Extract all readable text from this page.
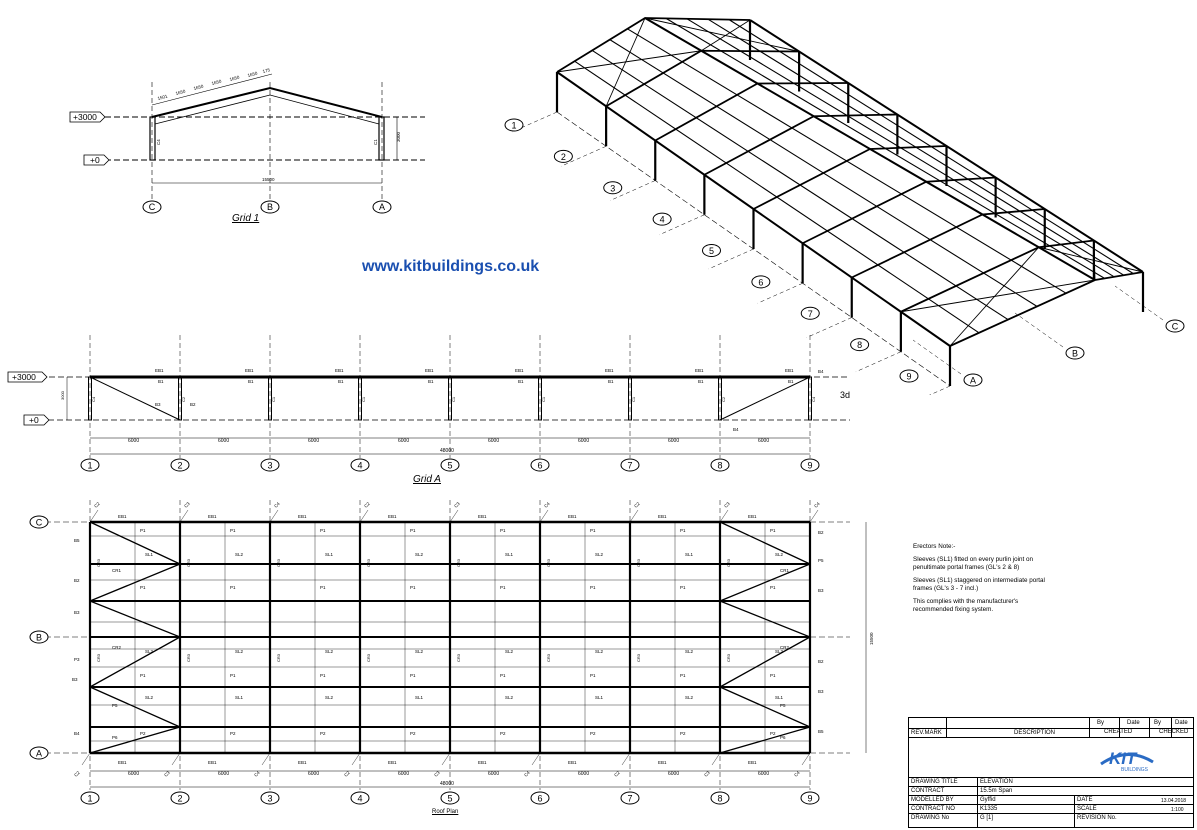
1501
1650
1650
1650
1650
1650
175
15500
3000
C4	C1
+3000
+0
C	B	A
Grid 1
www.kitbuildings.co.uk
1
2
3
4
5
6
7
8
9	A
B
C
C4
EB1
B1
6000
1
C2
EB1
B1
6000
2
C1
EB1
B1
6000
3
C1
EB1
B1
6000
4
C1
EB1
B1
6000
5
C1
EB1
B1
6000
6
C1
EB1
B1
6000
7
C2
EB1
B1
6000
8
C4
9
48000
3000
B3	B2
B4
B4
3d
+3000
+0
Grid A
C
B
A
1
6000
EB1
EB1
P1
SL1
P1
SL2
P1
SL2
P2
CR3
CR3
C2
C2
2
6000
EB1
EB1
P1
SL2
P1
SL2
P1
SL1
P2
CR3
CR3
C3
C3
3
6000
EB1
EB1
P1
SL1
P1
SL2
P1
SL2
P2
CR3
CR3
C4
C4
4
6000
EB1
EB1
P1
SL2
P1
SL2
P1
SL1
P2
CR3
CR3
C2
C2
5
6000
EB1
EB1
P1
SL1
P1
SL2
P1
SL2
P2
CR3
CR3
C3
C3
6
6000
EB1
EB1
P1
SL2
P1
SL2
P1
SL1
P2
CR3
CR3
C4
C4
7
6000
EB1
EB1
P1
SL1
P1
SL2
P1
SL2
P2
CR3
CR3
C2
C2
8
6000
EB1
EB1
P1
SL2
P1
SL2
P1
SL1
P2
CR3
CR3
C3
C3
9
C4
C4
CR1
CR2
P5
P6
CR1
CR2
P5
P6
B5
B2
B3
P3
B3
B4
B2
P5
B3
B2
B3
B5
48000
15500
Roof Plan

Erectors Note:-

Sleeves (SL1) fitted on every purlin joint on penultimate portal frames (GL's 2 & 8)

Sleeves (SL1) staggered on intermediate portal frames (GL's 3 - 7 incl.)

This complies with the manufacturer's recommended fixing system.

By	Date By Date
REV.MARK	DESCRIPTION	CREATED	CHECKED
KIT
BUILDINGS
DRAWING TITLE	ELEVATION
CONTRACT	15.5m Span
MODELLED BY	Gyffid	DATE	13.04.2018
CONTRACT NO	K1335	SCALE	1:100
DRAWING No	G [1]	REVISION No.
